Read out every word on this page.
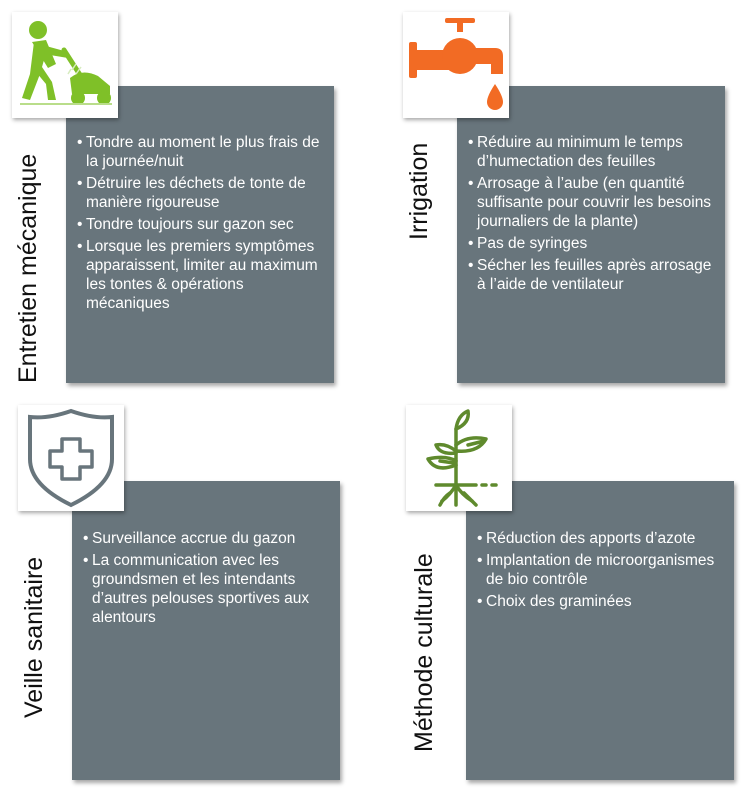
Entretien mécanique
• Tondre au moment le plus frais de la journée/nuit
• Détruire les déchets de tonte de manière rigoureuse
• Tondre toujours sur gazon sec
• Lorsque les premiers symptômes apparaissent, limiter au maximum les tontes & opérations mécaniques
Irrigation
• Réduire au minimum le temps d’humectation des feuilles
• Arrosage à l’aube (en quantité suffisante pour couvrir les besoins journaliers de la plante)
• Pas de syringes
• Sécher les feuilles après arrosage à l’aide de ventilateur
Veille sanitaire
• Surveillance accrue du gazon
• La communication avec les groundsmen et les intendants d’autres pelouses sportives aux alentours	Méthode culturale
• Réduction des apports d’azote
• Implantation de microorganismes de bio contrôle
• Choix des graminées
